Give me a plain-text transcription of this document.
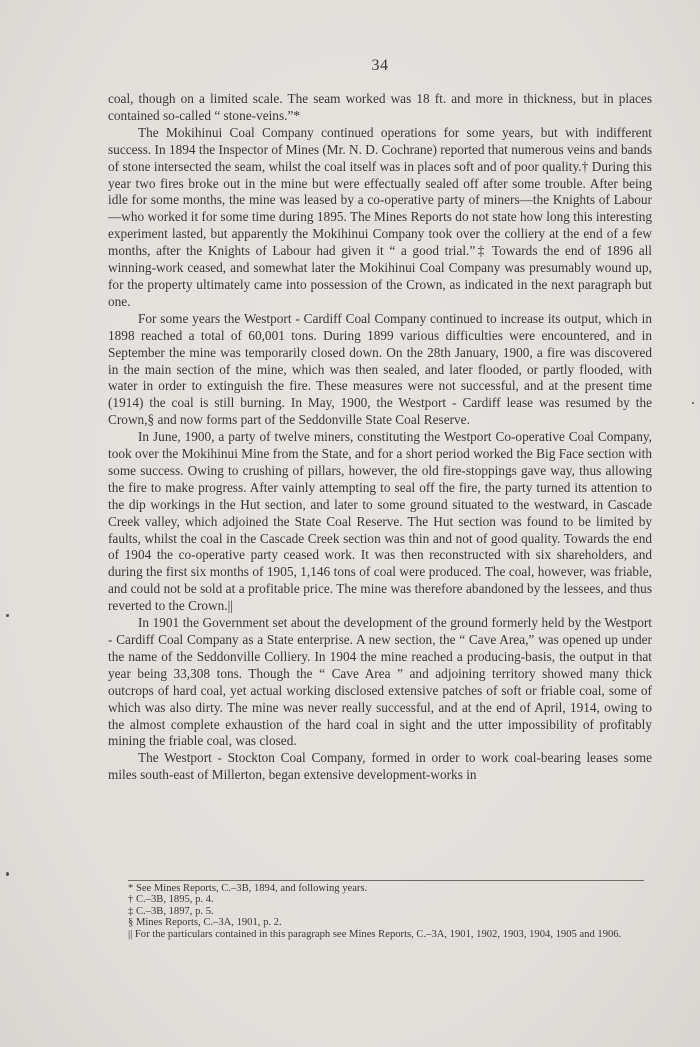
34

coal, though on a limited scale. The seam worked was 18 ft. and more in thickness, but in places contained so-called “ stone-veins.”*

The Mokihinui Coal Company continued operations for some years, but with indifferent success. In 1894 the Inspector of Mines (Mr. N. D. Cochrane) reported that numerous veins and bands of stone intersected the seam, whilst the coal itself was in places soft and of poor quality.† During this year two fires broke out in the mine but were effectually sealed off after some trouble. After being idle for some months, the mine was leased by a co-operative party of miners—the Knights of Labour—who worked it for some time during 1895. The Mines Reports do not state how long this interesting experiment lasted, but apparently the Mokihinui Company took over the colliery at the end of a few months, after the Knights of Labour had given it “ a good trial.”‡ Towards the end of 1896 all winning-work ceased, and somewhat later the Mokihinui Coal Company was presumably wound up, for the property ultimately came into possession of the Crown, as indicated in the next paragraph but one.

For some years the Westport - Cardiff Coal Company continued to increase its output, which in 1898 reached a total of 60,001 tons. During 1899 various difficulties were encountered, and in September the mine was temporarily closed down. On the 28th January, 1900, a fire was discovered in the main section of the mine, which was then sealed, and later flooded, or partly flooded, with water in order to extinguish the fire. These measures were not successful, and at the present time (1914) the coal is still burning. In May, 1900, the Westport - Cardiff lease was resumed by the Crown,§ and now forms part of the Seddonville State Coal Reserve.

In June, 1900, a party of twelve miners, constituting the Westport Co-operative Coal Company, took over the Mokihinui Mine from the State, and for a short period worked the Big Face section with some success. Owing to crushing of pillars, however, the old fire-stoppings gave way, thus allowing the fire to make progress. After vainly attempting to seal off the fire, the party turned its attention to the dip workings in the Hut section, and later to some ground situated to the westward, in Cascade Creek valley, which adjoined the State Coal Reserve. The Hut section was found to be limited by faults, whilst the coal in the Cascade Creek section was thin and not of good quality. Towards the end of 1904 the co-operative party ceased work. It was then reconstructed with six shareholders, and during the first six months of 1905, 1,146 tons of coal were produced. The coal, however, was friable, and could not be sold at a profitable price. The mine was therefore abandoned by the lessees, and thus reverted to the Crown.||

In 1901 the Government set about the development of the ground formerly held by the Westport - Cardiff Coal Company as a State enterprise. A new section, the “ Cave Area,” was opened up under the name of the Seddonville Colliery. In 1904 the mine reached a producing-basis, the output in that year being 33,308 tons. Though the “ Cave Area ” and adjoining territory showed many thick outcrops of hard coal, yet actual working disclosed extensive patches of soft or friable coal, some of which was also dirty. The mine was never really successful, and at the end of April, 1914, owing to the almost complete exhaustion of the hard coal in sight and the utter impossibility of profitably mining the friable coal, was closed.

The Westport - Stockton Coal Company, formed in order to work coal-bearing leases some miles south-east of Millerton, began extensive development-works in

* See Mines Reports, C.–3B, 1894, and following years.

† C.–3B, 1895, p. 4.

‡ C.–3B, 1897, p. 5.

§ Mines Reports, C.–3A, 1901, p. 2.

|| For the particulars contained in this paragraph see Mines Reports, C.–3A, 1901, 1902, 1903, 1904, 1905 and 1906.
